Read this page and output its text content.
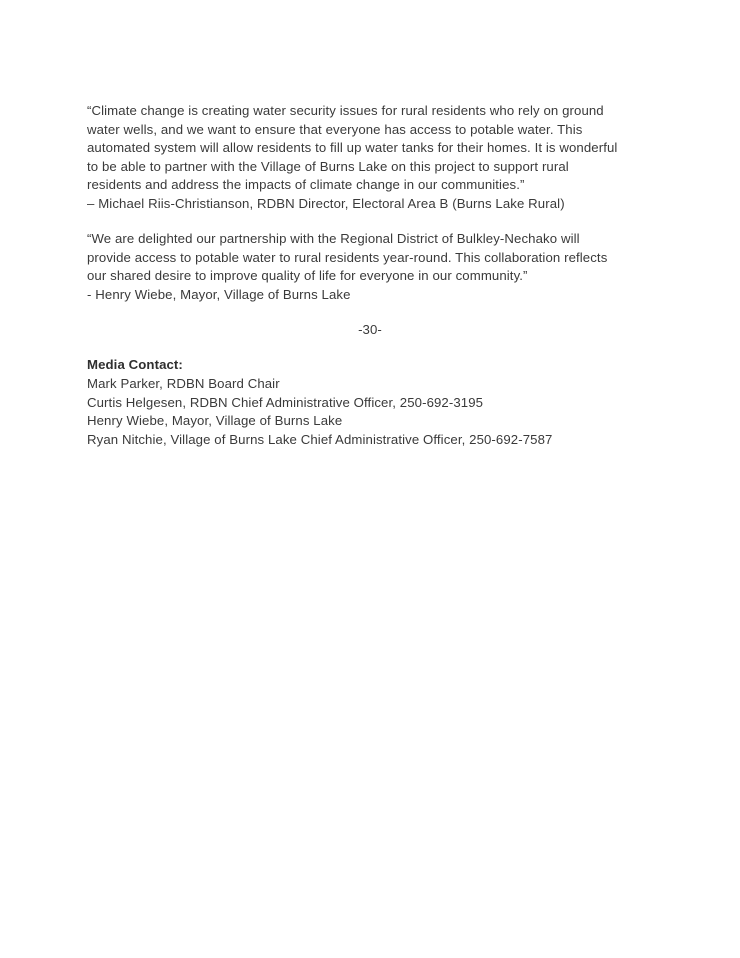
“Climate change is creating water security issues for rural residents who rely on ground
water wells, and we want to ensure that everyone has access to potable water. This
automated system will allow residents to fill up water tanks for their homes. It is wonderful
to be able to partner with the Village of Burns Lake on this project to support rural
residents and address the impacts of climate change in our communities.”
– Michael Riis-Christianson, RDBN Director, Electoral Area B (Burns Lake Rural)
“We are delighted our partnership with the Regional District of Bulkley-Nechako will
provide access to potable water to rural residents year-round. This collaboration reflects
our shared desire to improve quality of life for everyone in our community.”
- Henry Wiebe, Mayor, Village of Burns Lake
-30-
Media Contact:
Mark Parker, RDBN Board Chair
Curtis Helgesen, RDBN Chief Administrative Officer, 250-692-3195
Henry Wiebe, Mayor, Village of Burns Lake
Ryan Nitchie, Village of Burns Lake Chief Administrative Officer, 250-692-7587
